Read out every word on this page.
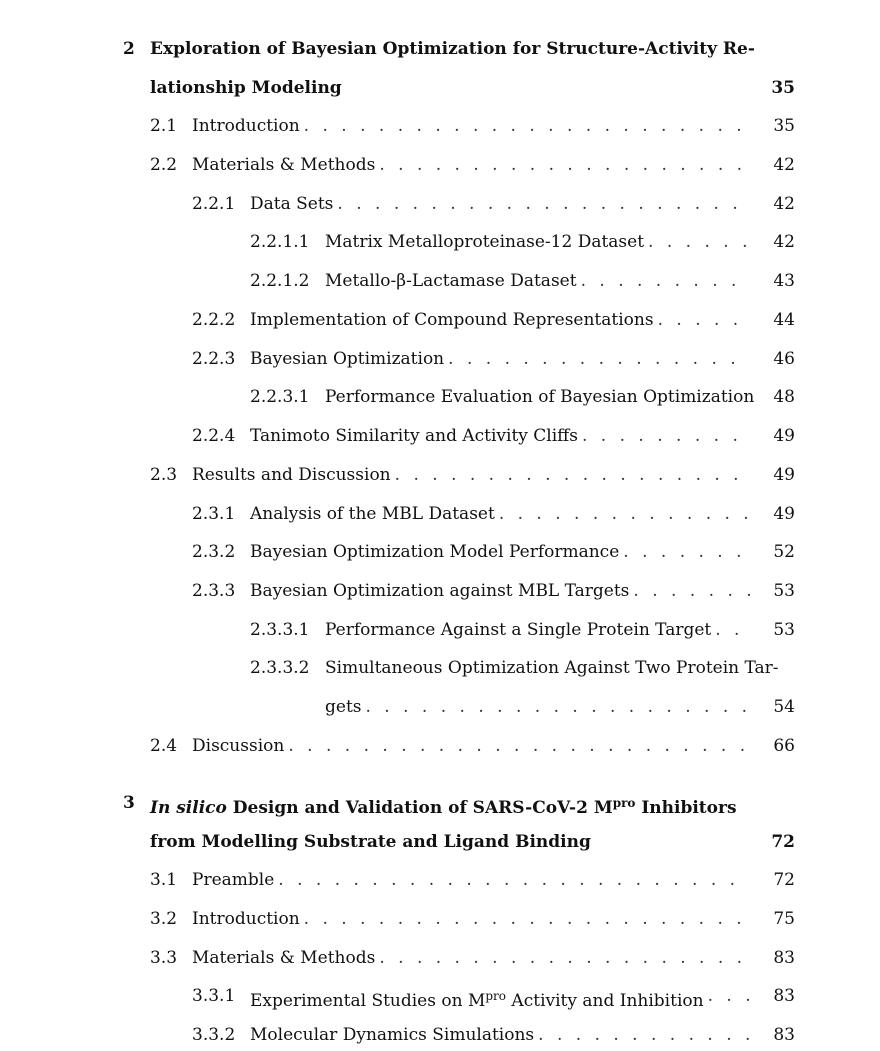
2 Exploration of Bayesian Optimization for Structure-Activity Re-
lationship Modeling	35
2.1 Introduction . . .	35
2.2 Materials & Methods . . .	42
2.2.1 Data Sets . . .	42
2.2.1.1 Matrix Metalloproteinase-12 Dataset . . .	42
2.2.1.2 Metallo-β-Lactamase Dataset . . .	43
2.2.2 Implementation of Compound Representations . . .	44
2.2.3 Bayesian Optimization . . .	46
2.2.3.1 Performance Evaluation of Bayesian Optimization 48
2.2.4 Tanimoto Similarity and Activity Cliffs . . .	49
2.3 Results and Discussion . . .	49
2.3.1 Analysis of the MBL Dataset . . .	49
2.3.2 Bayesian Optimization Model Performance . . .	52
2.3.3 Bayesian Optimization against MBL Targets . . .	53
2.3.3.1 Performance Against a Single Protein Target . . .	53
2.3.3.2 Simultaneous Optimization Against Two Protein Tar-
gets . . .	54
2.4 Discussion . . .	66
3 In silico Design and Validation of SARS-CoV-2 $M^{pro}$ Inhibitors
from Modelling Substrate and Ligand Binding	72
3.1 Preamble . . .	72
3.2 Introduction . . .	75
3.3 Materials & Methods . . .	83
3.3.1 Experimental Studies on $M^{pro}$ Activity and Inhibition . . .	83
3.3.2 Molecular Dynamics Simulations . . .	83
